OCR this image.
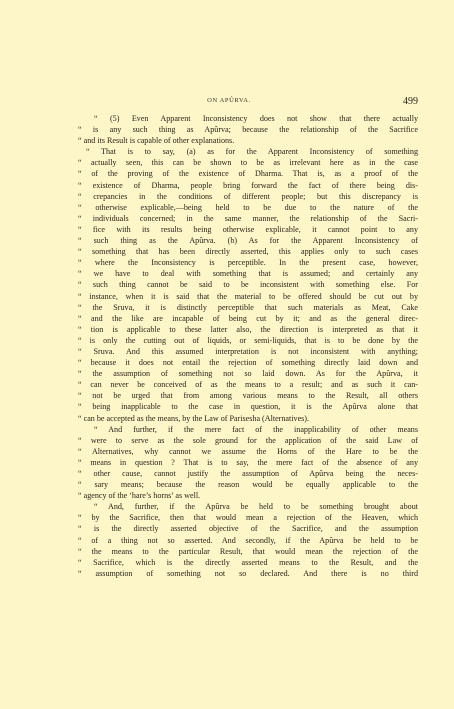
ON APÛRVA.	499
“ (5) Even Apparent Inconsistency does not show that there actually
“ is any such thing as Apûrva; because the relationship of the Sacrifice
“ and its Result is capable of other explanations.
“ That is to say, (a) as for the Apparent Inconsistency of something
“ actually seen, this can be shown to be as irrelevant here as in the case
“ of the proving of the existence of Dharma. That is, as a proof of the
“ existence of Dharma, people bring forward the fact of there being dis-
“ crepancies in the conditions of different people; but this discrepancy is
“ otherwise explicable,—being held to be due to the nature of the
“ individuals concerned; in the same manner, the relationship of the Sacri-
“ fice with its results being otherwise explicable, it cannot point to any
“ such thing as the Apûrva. (b) As for the Apparent Inconsistency of
“ something that has been directly asserted, this applies only to such cases
“ where the Inconsistency is perceptible. In the present case, however,
“ we have to deal with something that is assumed; and certainly any
“ such thing cannot be said to be inconsistent with something else. For
“ instance, when it is said that the material to be offered should be cut out by
“ the Sruva, it is distinctly perceptible that such materials as Meat, Cake
“ and the like are incapable of being cut by it; and as the general direc-
“ tion is applicable to these latter also, the direction is interpreted as that it
“ is only the cutting out of liquids, or semi-liquids, that is to be done by the
“ Sruva. And this assumed interpretation is not inconsistent with anything;
“ because it does not entail the rejection of something directly laid down and
“ the assumption of something not so laid down. As for the Apûrva, it
“ can never be conceived of as the means to a result; and as such it can-
“ not be urged that from among various means to the Result, all others
“ being inapplicable to the case in question, it is the Apûrva alone that
“ can be accepted as the means, by the Law of Parisesha (Alternatives).
“ And further, if the mere fact of the inapplicability of other means
“ were to serve as the sole ground for the application of the said Law of
“ Alternatives, why cannot we assume the Horns of the Hare to be the
“ means in question ? That is to say, the mere fact of the absence of any
“ other cause, cannot justify the assumption of Apûrva being the neces-
“ sary means; because the reason would be equally applicable to the
“ agency of the ‘hare’s horns’ as well.
“ And, further, if the Apûrva be held to be something brought about
“ by the Sacrifice, then that would mean a rejection of the Heaven, which
“ is the directly asserted objective of the Sacrifice, and the assumption
“ of a thing not so asserted. And secondly, if the Apûrva be held to be
“ the means to the particular Result, that would mean the rejection of the
“ Sacrifice, which is the directly asserted means to the Result, and the
“ assumption of something not so declared. And there is no third
